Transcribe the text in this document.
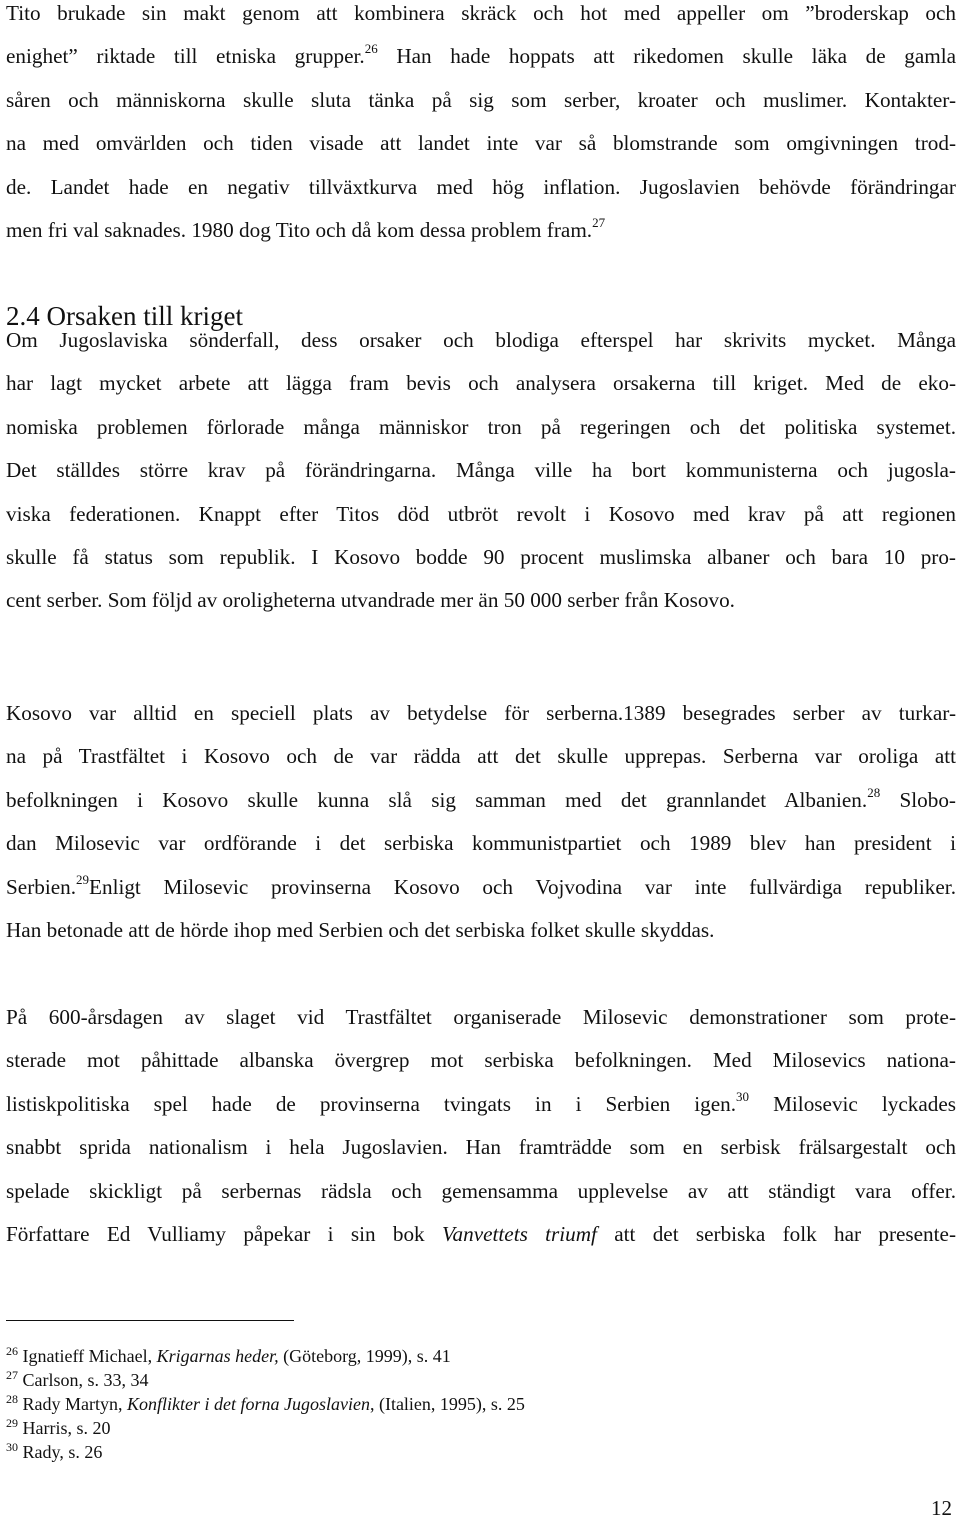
Tito brukade sin makt genom att kombinera skräck och hot med appeller om ”broderskap och
enighet” riktade till etniska grupper.$^{26}$ Han hade hoppats att rikedomen skulle läka de gamla
såren och människorna skulle sluta tänka på sig som serber, kroater och muslimer. Kontakter-
na med omvärlden och tiden visade att landet inte var så blomstrande som omgivningen trod-
de. Landet hade en negativ tillväxtkurva med hög inflation. Jugoslavien behövde förändringar
men fri val saknades. 1980 dog Tito och då kom dessa problem fram.$^{27}$
2.4 Orsaken till kriget
Om Jugoslaviska sönderfall, dess orsaker och blodiga efterspel har skrivits mycket. Många
har lagt mycket arbete att lägga fram bevis och analysera orsakerna till kriget. Med de eko-
nomiska problemen förlorade många människor tron på regeringen och det politiska systemet.
Det ställdes större krav på förändringarna. Många ville ha bort kommunisterna och jugosla-
viska federationen. Knappt efter Titos död utbröt revolt i Kosovo med krav på att regionen
skulle få status som republik. I Kosovo bodde 90 procent muslimska albaner och bara 10 pro-
cent serber. Som följd av oroligheterna utvandrade mer än 50 000 serber från Kosovo.
Kosovo var alltid en speciell plats av betydelse för serberna.1389 besegrades serber av turkar-
na på Trastfältet i Kosovo och de var rädda att det skulle upprepas. Serberna var oroliga att
befolkningen i Kosovo skulle kunna slå sig samman med det grannlandet Albanien.$^{28}$ Slobo-
dan Milosevic var ordförande i det serbiska kommunistpartiet och 1989 blev han president i
Serbien.$^{29}$Enligt Milosevic provinserna Kosovo och Vojvodina var inte fullvärdiga republiker.
Han betonade att de hörde ihop med Serbien och det serbiska folket skulle skyddas.
På 600-årsdagen av slaget vid Trastfältet organiserade Milosevic demonstrationer som prote-
sterade mot påhittade albanska övergrep mot serbiska befolkningen. Med Milosevics nationa-
listiskpolitiska spel hade de provinserna tvingats in i Serbien igen.$^{30}$ Milosevic lyckades
snabbt sprida nationalism i hela Jugoslavien. Han framträdde som en serbisk frälsargestalt och
spelade skickligt på serbernas rädsla och gemensamma upplevelse av att ständigt vara offer.
Författare Ed Vulliamy påpekar i sin bok Vanvettets triumf att det serbiska folk har presente-
$^{26}$ Ignatieff Michael, Krigarnas heder, (Göteborg, 1999), s. 41
$^{27}$ Carlson, s. 33, 34
$^{28}$ Rady Martyn, Konflikter i det forna Jugoslavien, (Italien, 1995), s. 25
$^{29}$ Harris, s. 20
$^{30}$ Rady, s. 26
12
